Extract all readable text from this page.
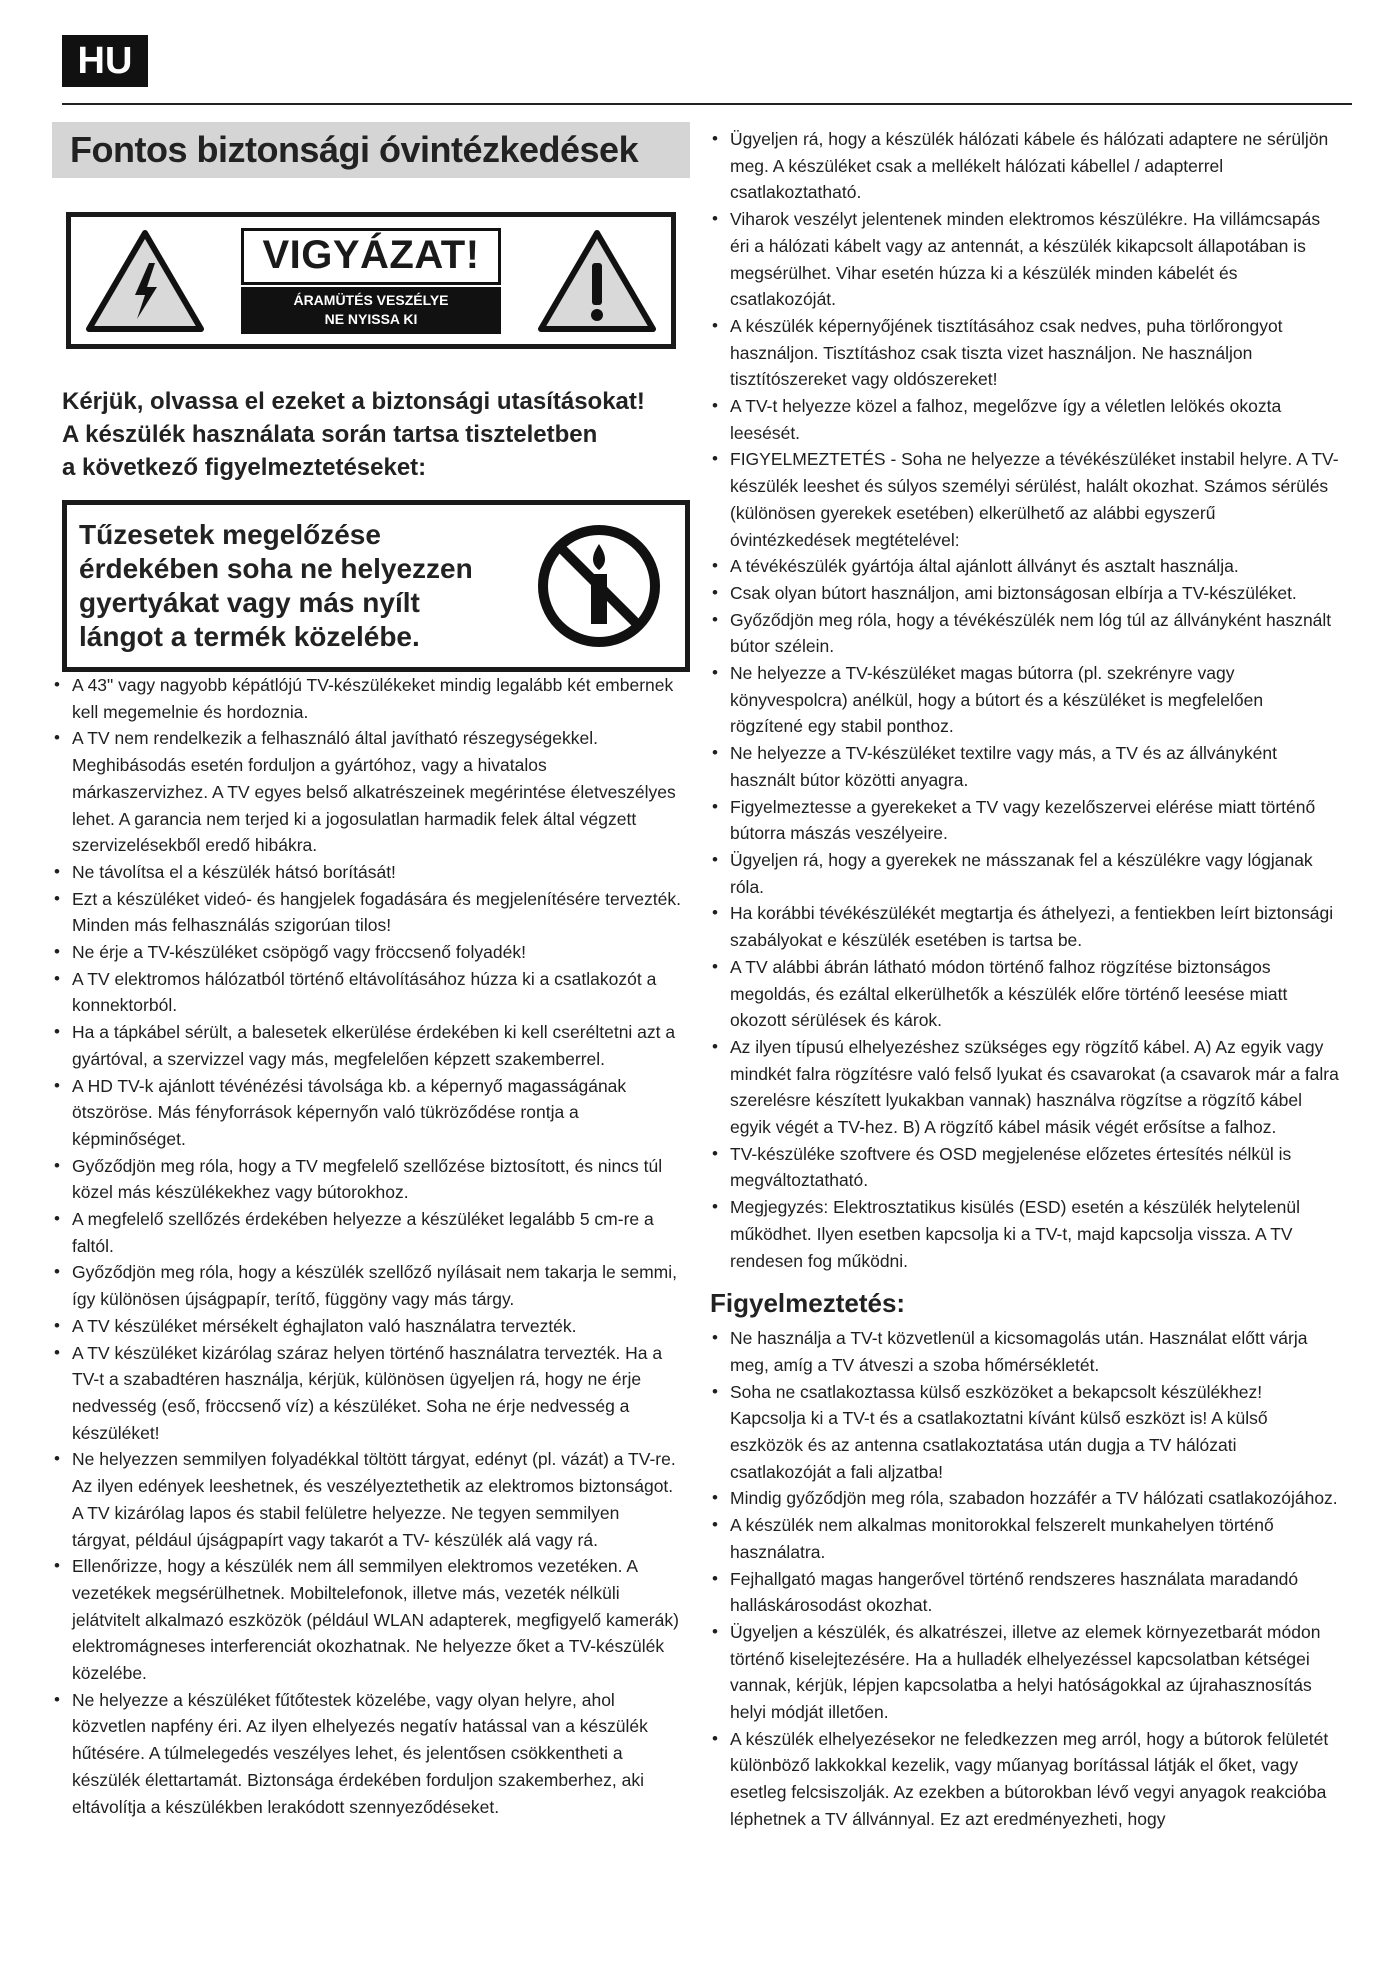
HU
Fontos biztonsági óvintézkedések
VIGYÁZAT!
ÁRAMÜTÉS VESZÉLYE
NE NYISSA KI
Kérjük, olvassa el ezeket a biztonsági utasításokat!
A készülék használata során tartsa tiszteletben
a következő figyelmeztetéseket:
Tűzesetek megelőzése
érdekében soha ne helyezzen
gyertyákat vagy más nyílt
lángot a termék közelébe.
• A 43" vagy nagyobb képátlójú TV-készülékeket mindig legalább két embernek kell megemelnie és hordoznia.
• A TV nem rendelkezik a felhasználó által javítható részegységekkel. Meghibásodás esetén forduljon a gyártóhoz, vagy a hivatalos márkaszervizhez. A TV egyes belső alkatrészeinek megérintése életveszélyes lehet. A garancia nem terjed ki a jogosulatlan harmadik felek által végzett szervizelésekből eredő hibákra.
• Ne távolítsa el a készülék hátsó borítását!
• Ezt a készüléket videó- és hangjelek fogadására és megjelenítésére tervezték. Minden más felhasználás szigorúan tilos!
• Ne érje a TV-készüléket csöpögő vagy fröccsenő folyadék!
• A TV elektromos hálózatból történő eltávolításához húzza ki a csatlakozót a konnektorból.
• Ha a tápkábel sérült, a balesetek elkerülése érdekében ki kell cseréltetni azt a gyártóval, a szervizzel vagy más, megfelelően képzett szakemberrel.
• A HD TV-k ajánlott tévénézési távolsága kb. a képernyő magasságának ötszöröse. Más fényforrások képernyőn való tükröződése rontja a képminőséget.
• Győződjön meg róla, hogy a TV megfelelő szellőzése biztosított, és nincs túl közel más készülékekhez vagy bútorokhoz.
• A megfelelő szellőzés érdekében helyezze a készüléket legalább 5 cm-re a faltól.
• Győződjön meg róla, hogy a készülék szellőző nyílásait nem takarja le semmi, így különösen újságpapír, terítő, függöny vagy más tárgy.
• A TV készüléket mérsékelt éghajlaton való használatra tervezték.
• A TV készüléket kizárólag száraz helyen történő használatra tervezték. Ha a TV-t a szabadtéren használja, kérjük, különösen ügyeljen rá, hogy ne érje nedvesség (eső, fröccsenő víz) a készüléket. Soha ne érje nedvesség a készüléket!
• Ne helyezzen semmilyen folyadékkal töltött tárgyat, edényt (pl. vázát) a TV-re. Az ilyen edények leeshetnek, és veszélyeztethetik az elektromos biztonságot. A TV kizárólag lapos és stabil felületre helyezze. Ne tegyen semmilyen tárgyat, például újságpapírt vagy takarót a TV- készülék alá vagy rá.
• Ellenőrizze, hogy a készülék nem áll semmilyen elektromos vezetéken. A vezetékek megsérülhetnek. Mobiltelefonok, illetve más, vezeték nélküli jelátvitelt alkalmazó eszközök (például WLAN adapterek, megfigyelő kamerák) elektromágneses interferenciát okozhatnak. Ne helyezze őket a TV-készülék közelébe.
• Ne helyezze a készüléket fűtőtestek közelébe, vagy olyan helyre, ahol közvetlen napfény éri. Az ilyen elhelyezés negatív hatással van a készülék hűtésére. A túlmelegedés veszélyes lehet, és jelentősen csökkentheti a készülék élettartamát. Biztonsága érdekében forduljon szakemberhez, aki eltávolítja a készülékben lerakódott szennyeződéseket.
• Ügyeljen rá, hogy a készülék hálózati kábele és hálózati adaptere ne sérüljön meg. A készüléket csak a mellékelt hálózati kábellel / adapterrel csatlakoztatható.
• Viharok veszélyt jelentenek minden elektromos készülékre. Ha villámcsapás éri a hálózati kábelt vagy az antennát, a készülék kikapcsolt állapotában is megsérülhet. Vihar esetén húzza ki a készülék minden kábelét és csatlakozóját.
• A készülék képernyőjének tisztításához csak nedves, puha törlőrongyot használjon. Tisztításhoz csak tiszta vizet használjon. Ne használjon tisztítószereket vagy oldószereket!
• A TV-t helyezze közel a falhoz, megelőzve így a véletlen lelökés okozta leesését.
• FIGYELMEZTETÉS - Soha ne helyezze a tévékészüléket instabil helyre. A TV-készülék leeshet és súlyos személyi sérülést, halált okozhat. Számos sérülés (különösen gyerekek esetében) elkerülhető az alábbi egyszerű óvintézkedések megtételével:
• A tévékészülék gyártója által ajánlott állványt és asztalt használja.
• Csak olyan bútort használjon, ami biztonságosan elbírja a TV-készüléket.
• Győződjön meg róla, hogy a tévékészülék nem lóg túl az állványként használt bútor szélein.
• Ne helyezze a TV-készüléket magas bútorra (pl. szekrényre vagy könyvespolcra) anélkül, hogy a bútort és a készüléket is megfelelően rögzítené egy stabil ponthoz.
• Ne helyezze a TV-készüléket textilre vagy más, a TV és az állványként használt bútor közötti anyagra.
• Figyelmeztesse a gyerekeket a TV vagy kezelőszervei elérése miatt történő bútorra mászás veszélyeire.
• Ügyeljen rá, hogy a gyerekek ne másszanak fel a készülékre vagy lógjanak róla.
• Ha korábbi tévékészülékét megtartja és áthelyezi, a fentiekben leírt biztonsági szabályokat e készülék esetében is tartsa be.
• A TV alábbi ábrán látható módon történő falhoz rögzítése biztonságos megoldás, és ezáltal elkerülhetők a készülék előre történő leesése miatt okozott sérülések és károk.
• Az ilyen típusú elhelyezéshez szükséges egy rögzítő kábel. A) Az egyik vagy mindkét falra rögzítésre való felső lyukat és csavarokat (a csavarok már a falra szerelésre készített lyukakban vannak) használva rögzítse a rögzítő kábel egyik végét a TV-hez. B) A rögzítő kábel másik végét erősítse a falhoz.
• TV-készüléke szoftvere és OSD megjelenése előzetes értesítés nélkül is megváltoztatható.
• Megjegyzés: Elektrosztatikus kisülés (ESD) esetén a készülék helytelenül működhet. Ilyen esetben kapcsolja ki a TV-t, majd kapcsolja vissza. A TV rendesen fog működni.
Figyelmeztetés:
• Ne használja a TV-t közvetlenül a kicsomagolás után. Használat előtt várja meg, amíg a TV átveszi a szoba hőmérsékletét.
• Soha ne csatlakoztassa külső eszközöket a bekapcsolt készülékhez! Kapcsolja ki a TV-t és a csatlakoztatni kívánt külső eszközt is! A külső eszközök és az antenna csatlakoztatása után dugja a TV hálózati csatlakozóját a fali aljzatba!
• Mindig győződjön meg róla, szabadon hozzáfér a TV hálózati csatlakozójához.
• A készülék nem alkalmas monitorokkal felszerelt munkahelyen történő használatra.
• Fejhallgató magas hangerővel történő rendszeres használata maradandó halláskárosodást okozhat.
• Ügyeljen a készülék, és alkatrészei, illetve az elemek környezetbarát módon történő kiselejtezésére. Ha a hulladék elhelyezéssel kapcsolatban kétségei vannak, kérjük, lépjen kapcsolatba a helyi hatóságokkal az újrahasznosítás helyi módját illetően.
• A készülék elhelyezésekor ne feledkezzen meg arról, hogy a bútorok felületét különböző lakkokkal kezelik, vagy műanyag borítással látják el őket, vagy esetleg felcsiszolják. Az ezekben a bútorokban lévő vegyi anyagok reakcióba léphetnek a TV állvánnyal. Ez azt eredményezheti, hogy
